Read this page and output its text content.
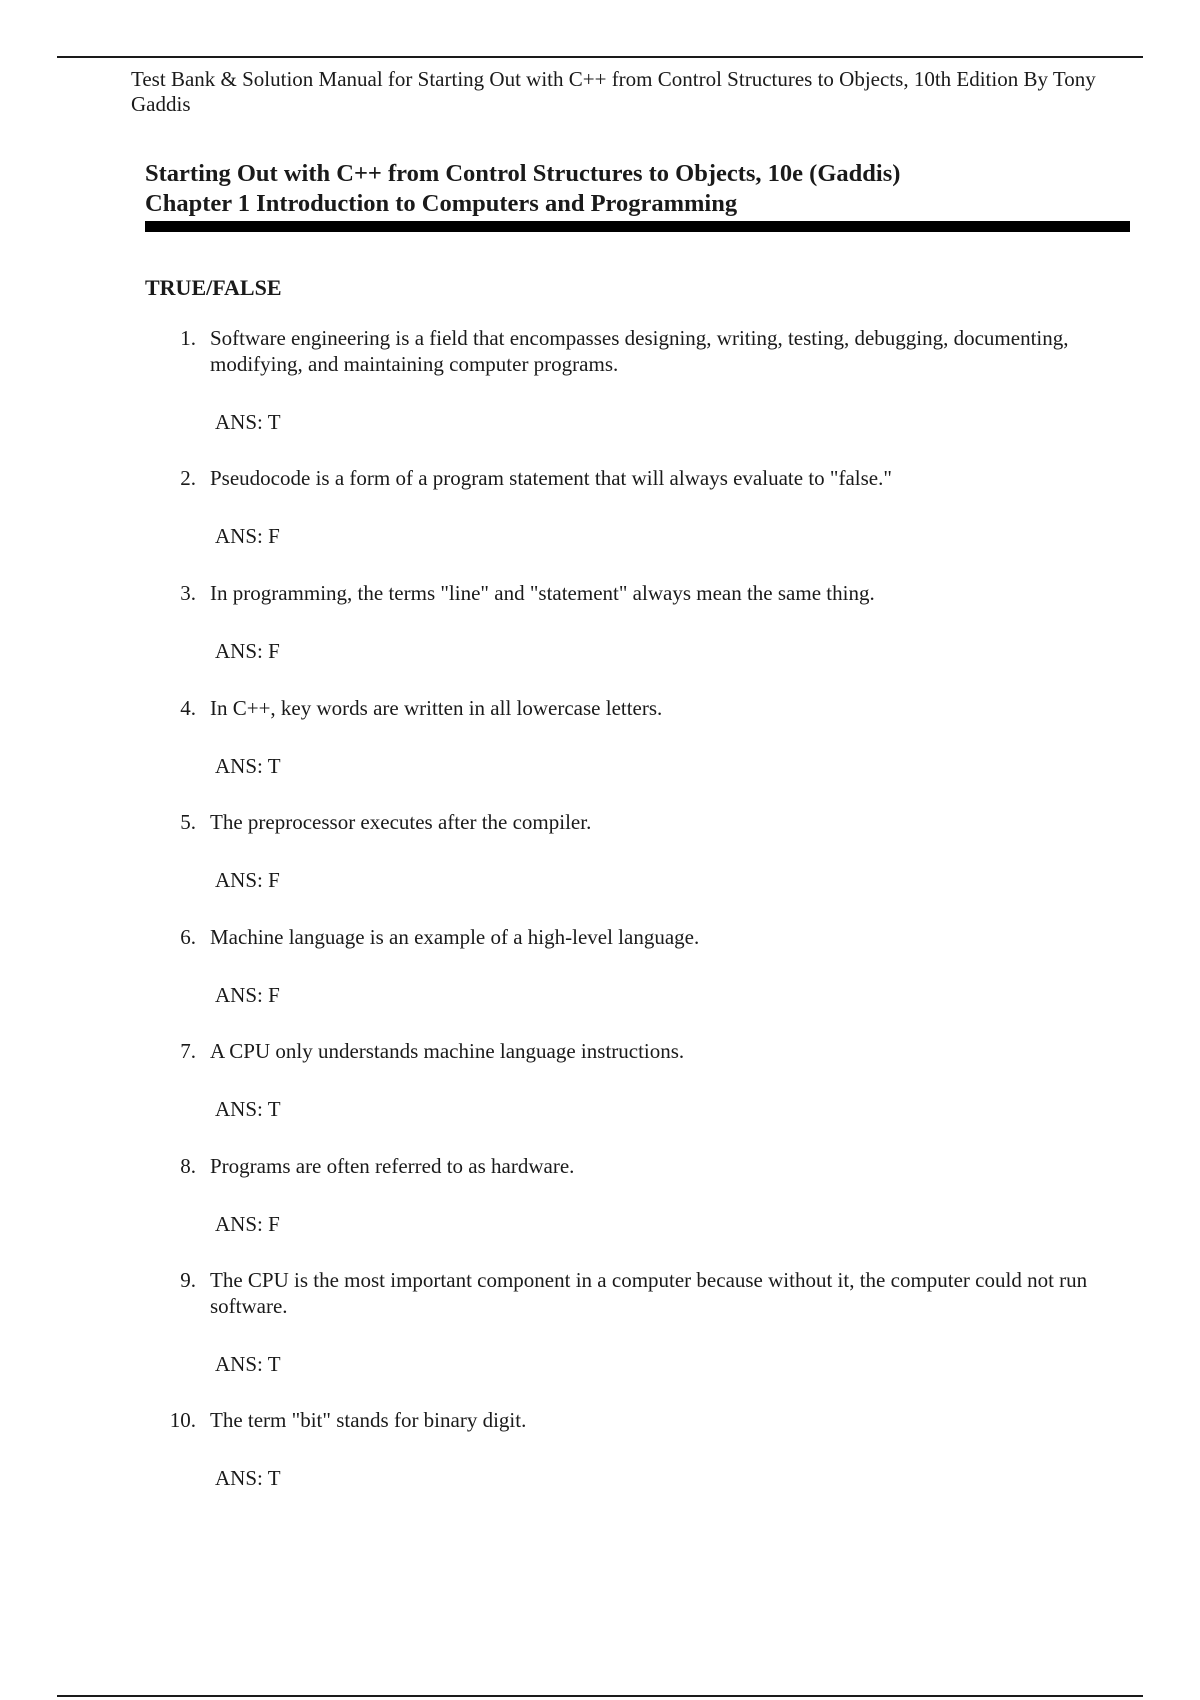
Test Bank & Solution Manual for Starting Out with C++ from Control Structures to Objects, 10th Edition By Tony Gaddis
Starting Out with C++ from Control Structures to Objects, 10e (Gaddis)
Chapter 1 Introduction to Computers and Programming
TRUE/FALSE
1. Software engineering is a field that encompasses designing, writing, testing, debugging, documenting, modifying, and maintaining computer programs.
ANS: T
2. Pseudocode is a form of a program statement that will always evaluate to "false."
ANS: F
3. In programming, the terms "line" and "statement" always mean the same thing.
ANS: F
4. In C++, key words are written in all lowercase letters.
ANS: T
5. The preprocessor executes after the compiler.
ANS: F
6. Machine language is an example of a high-level language.
ANS: F
7. A CPU only understands machine language instructions.
ANS: T
8. Programs are often referred to as hardware.
ANS: F
9. The CPU is the most important component in a computer because without it, the computer could not run software.
ANS: T
10. The term "bit" stands for binary digit.
ANS: T
